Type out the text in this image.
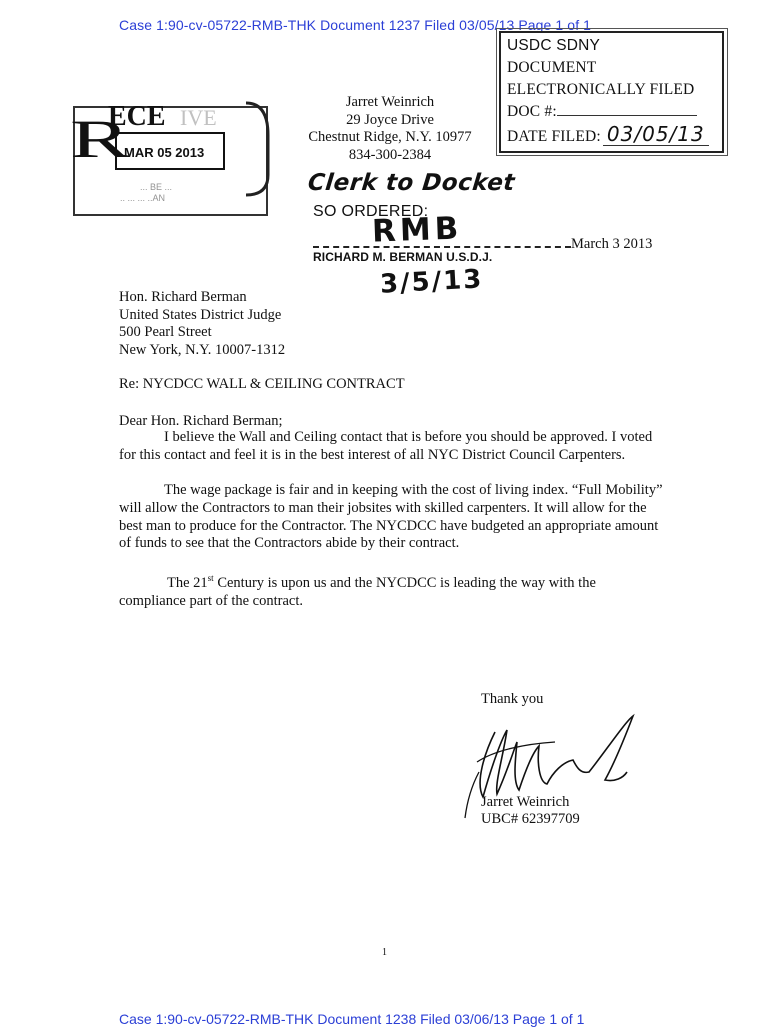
Case 1:90-cv-05722-RMB-THK Document 1237 Filed 03/05/13 Page 1 of 1
USDC SDNY
DOCUMENT
ELECTRONICALLY FILED
DOC #:
DATE FILED: 03/05/13
R
ECE IVE
MAR 05 2013
... BE ...
.. ... ... ..AN
Jarret Weinrich
29 Joyce Drive
Chestnut Ridge, N.Y. 10977
834-300-2384
Clerk to Docket
SO ORDERED:
RMB	March 3 2013
RICHARD M. BERMAN U.S.D.J.
3/5/13
Hon. Richard Berman
United States District Judge
500 Pearl Street
New York, N.Y. 10007-1312
Re: NYCDCC WALL & CEILING CONTRACT
Dear Hon. Richard Berman;
I believe the Wall and Ceiling contact that is before you should be approved. I voted for this contact and feel it is in the best interest of all NYC District Council Carpenters.
The wage package is fair and in keeping with the cost of living index. “Full Mobility” will allow the Contractors to man their jobsites with skilled carpenters. It will allow for the best man to produce for the Contractor. The NYCDCC have budgeted an appropriate amount of funds to see that the Contractors abide by their contract.
The 21st Century is upon us and the NYCDCC is leading the way with the compliance part of the contract.
Thank you
Jarret Weinrich
UBC# 62397709
1
Case 1:90-cv-05722-RMB-THK Document 1238 Filed 03/06/13 Page 1 of 1
